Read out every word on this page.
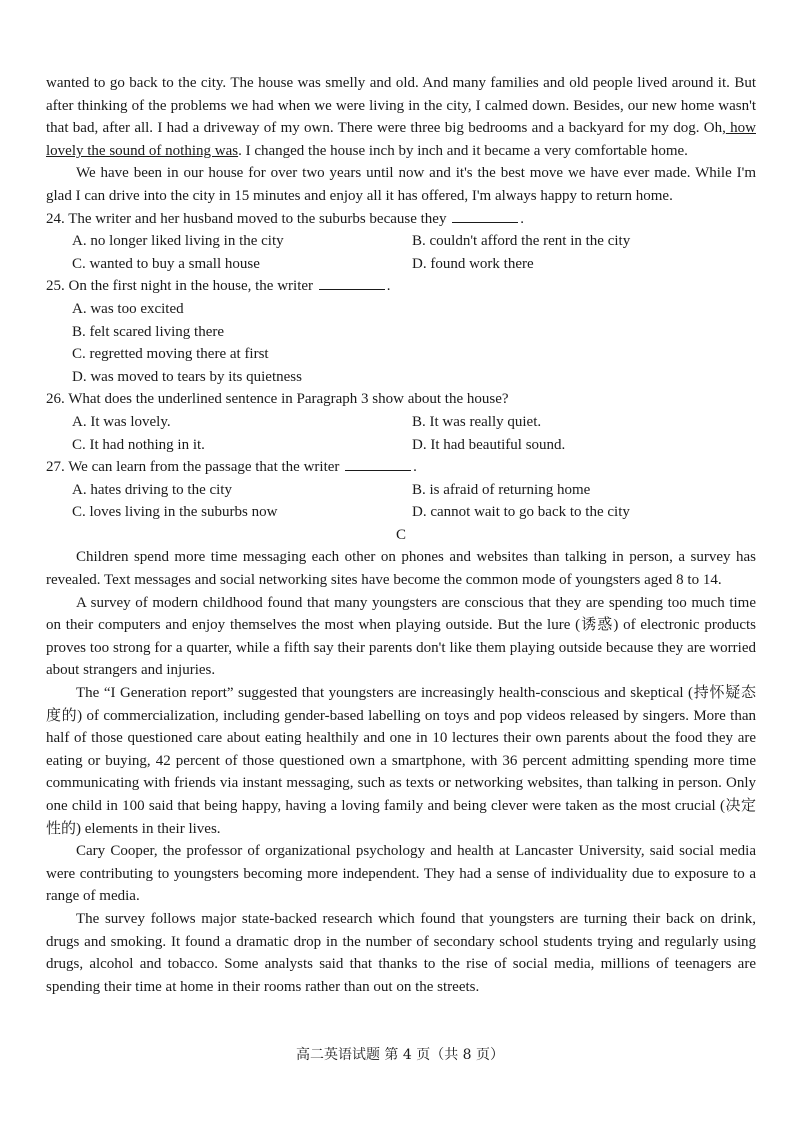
wanted to go back to the city. The house was smelly and old. And many families and old people lived around it. But after thinking of the problems we had when we were living in the city, I calmed down. Besides, our new home wasn't that bad, after all. I had a driveway of my own. There were three big bedrooms and a backyard for my dog. Oh, how lovely the sound of nothing was. I changed the house inch by inch and it became a very comfortable home.

We have been in our house for over two years until now and it's the best move we have ever made. While I'm glad I can drive into the city in 15 minutes and enjoy all it has offered, I'm always happy to return home.

24. The writer and her husband moved to the suburbs because they	.

A. no longer liked living in the city	B. couldn't afford the rent in the city
C. wanted to buy a small house	D. found work there

25. On the first night in the house, the writer	.

A. was too excited
B. felt scared living there
C. regretted moving there at first
D. was moved to tears by its quietness

26. What does the underlined sentence in Paragraph 3 show about the house?

A. It was lovely.	B. It was really quiet.
C. It had nothing in it.	D. It had beautiful sound.

27. We can learn from the passage that the writer	.

A. hates driving to the city	B. is afraid of returning home
C. loves living in the suburbs now	D. cannot wait to go back to the city

C

Children spend more time messaging each other on phones and websites than talking in person, a survey has revealed. Text messages and social networking sites have become the common mode of youngsters aged 8 to 14.

A survey of modern childhood found that many youngsters are conscious that they are spending too much time on their computers and enjoy themselves the most when playing outside. But the lure (诱惑) of electronic products proves too strong for a quarter, while a fifth say their parents don't like them playing outside because they are worried about strangers and injuries.

The “I Generation report” suggested that youngsters are increasingly health-conscious and skeptical (持怀疑态度的) of commercialization, including gender-based labelling on toys and pop videos released by singers. More than half of those questioned care about eating healthily and one in 10 lectures their own parents about the food they are eating or buying, 42 percent of those questioned own a smartphone, with 36 percent admitting spending more time communicating with friends via instant messaging, such as texts or networking websites, than talking in person. Only one child in 100 said that being happy, having a loving family and being clever were taken as the most crucial (决定性的) elements in their lives.

Cary Cooper, the professor of organizational psychology and health at Lancaster University, said social media were contributing to youngsters becoming more independent. They had a sense of individuality due to exposure to a range of media.

The survey follows major state-backed research which found that youngsters are turning their back on drink, drugs and smoking. It found a dramatic drop in the number of secondary school students trying and regularly using drugs, alcohol and tobacco. Some analysts said that thanks to the rise of social media, millions of teenagers are spending their time at home in their rooms rather than out on the streets.

高二英语试题 第 4 页（共 8 页）
